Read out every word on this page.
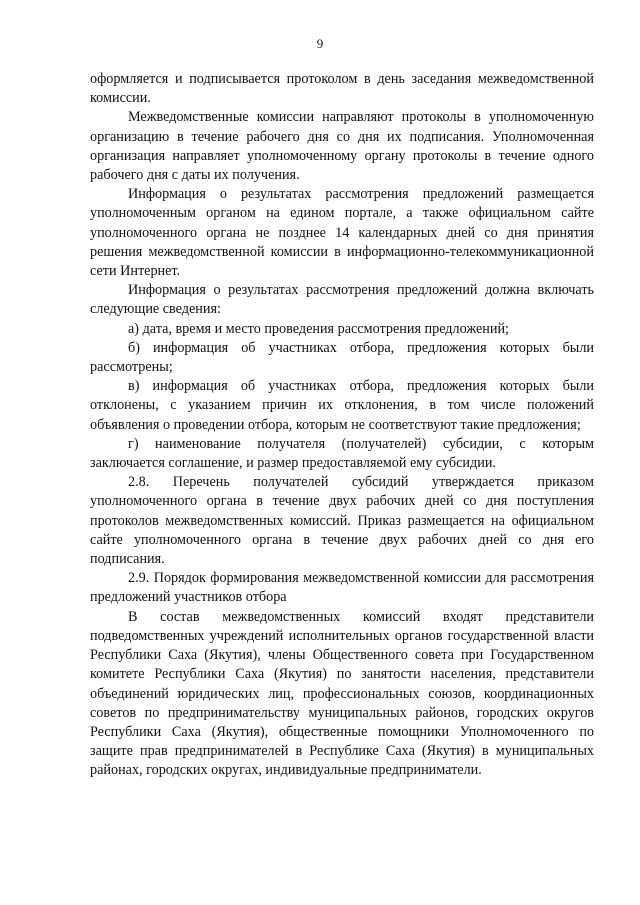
9

оформляется и подписывается протоколом в день заседания межведомственной комиссии.

Межведомственные комиссии направляют протоколы в уполномоченную организацию в течение рабочего дня со дня их подписания. Уполномоченная организация направляет уполномоченному органу протоколы в течение одного рабочего дня с даты их получения.

Информация о результатах рассмотрения предложений размещается уполномоченным органом на едином портале, а также официальном сайте уполномоченного органа не позднее 14 календарных дней со дня принятия решения межведомственной комиссии в информационно-телекоммуникационной сети Интернет.

Информация о результатах рассмотрения предложений должна включать следующие сведения:

а) дата, время и место проведения рассмотрения предложений;

б) информация об участниках отбора, предложения которых были рассмотрены;

в) информация об участниках отбора, предложения которых были отклонены, с указанием причин их отклонения, в том числе положений объявления о проведении отбора, которым не соответствуют такие предложения;

г) наименование получателя (получателей) субсидии, с которым заключается соглашение, и размер предоставляемой ему субсидии.

2.8. Перечень получателей субсидий утверждается приказом уполномоченного органа в течение двух рабочих дней со дня поступления протоколов межведомственных комиссий. Приказ размещается на официальном сайте уполномоченного органа в течение двух рабочих дней со дня его подписания.

2.9. Порядок формирования межведомственной комиссии для рассмотрения предложений участников отбора

В состав межведомственных комиссий входят представители подведомственных учреждений исполнительных органов государственной власти Республики Саха (Якутия), члены Общественного совета при Государственном комитете Республики Саха (Якутия) по занятости населения, представители объединений юридических лиц, профессиональных союзов, координационных советов по предпринимательству муниципальных районов, городских округов Республики Саха (Якутия), общественные помощники Уполномоченного по защите прав предпринимателей в Республике Саха (Якутия) в муниципальных районах, городских округах, индивидуальные предприниматели.
